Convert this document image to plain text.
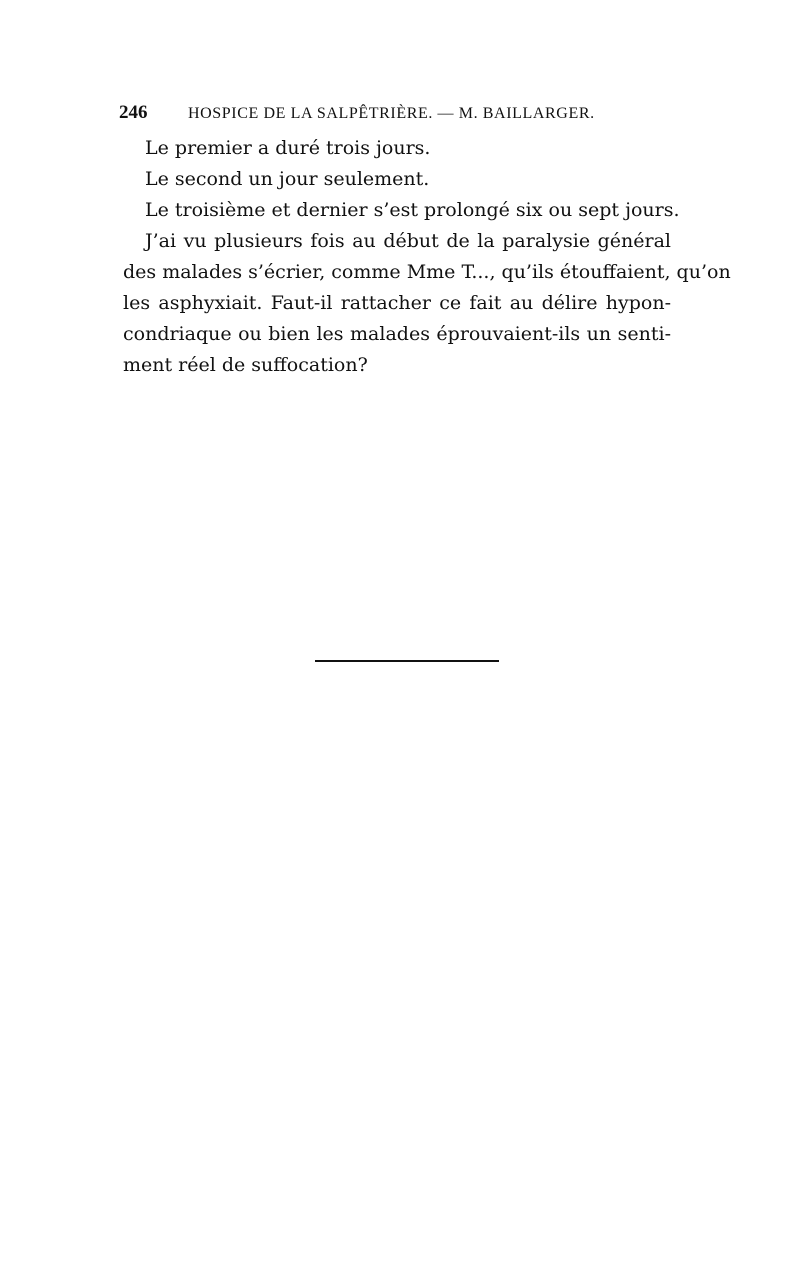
246	HOSPICE DE LA SALPÊTRIÈRE. — M. BAILLARGER.
Le premier a duré trois jours.
Le second un jour seulement.
Le troisième et dernier s’est prolongé six ou sept jours.
J’ai vu plusieurs fois au début de la paralysie général
des malades s’écrier, comme Mme T..., qu’ils étouffaient, qu’on
les asphyxiait. Faut-il rattacher ce fait au délire hypon-
condriaque ou bien les malades éprouvaient-ils un senti-
ment réel de suffocation?
